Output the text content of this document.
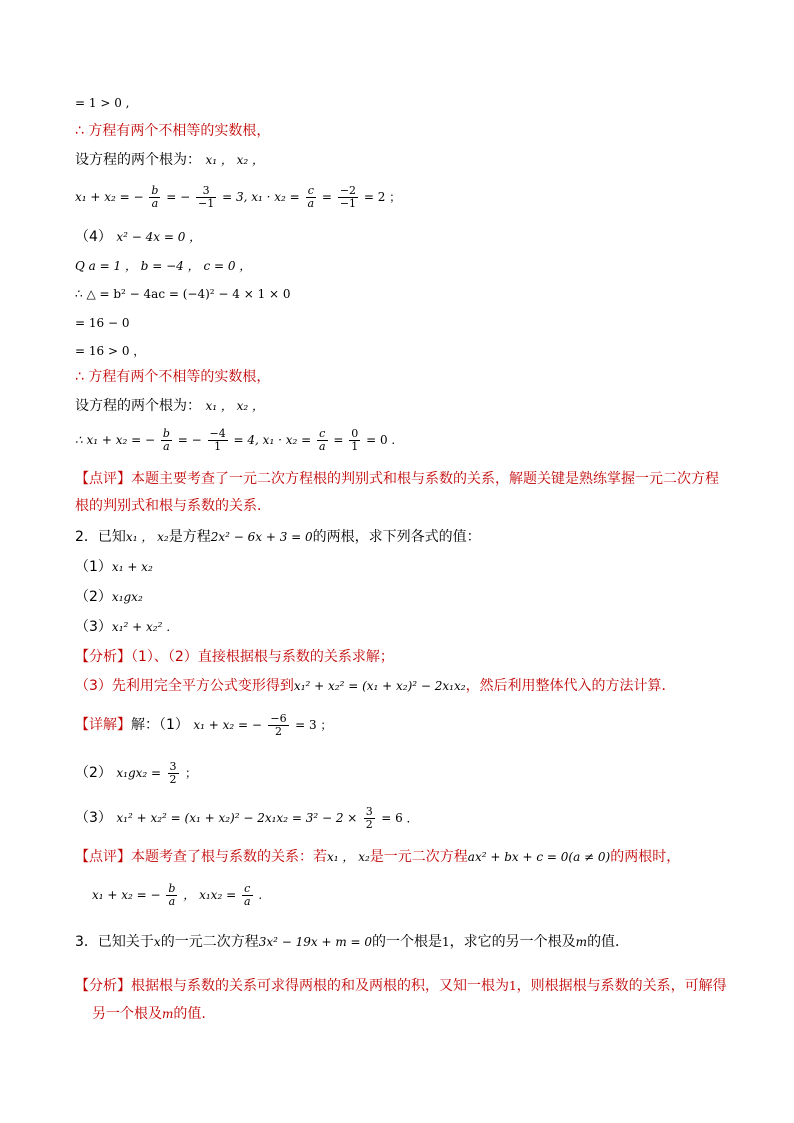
= 1 > 0 ,
∴ 方程有两个不相等的实数根，
设方程的两个根为： x₁ ， x₂ ，
x₁ + x₂ = − $\frac{b}{a}$ = − $\frac{3}{-1} = 3$, $x_1 \cdot x_2 = \frac{c}{a} = \frac{-2}{-1} = 2$ ；
（4） x² − 4x = 0 ，
Q a = 1 ， b = −4 ， c = 0 ，
∴ △ = b² − 4ac = (−4)² − 4 × 1 × 0
= 16 − 0
= 16 > 0 ，
∴ 方程有两个不相等的实数根，
设方程的两个根为： x₁ ， x₂ ，
∴ x₁ + x₂ = − $\frac{b}{a}$ = − $\frac{-4}{1} = 4$, $x_1 \cdot x_2 = \frac{c}{a} = \frac{0}{1} = 0$ .
【点评】本题主要考查了一元二次方程根的判别式和根与系数的关系，解题关键是熟练掌握一元二次方程
根的判别式和根与系数的关系．
2．已知x₁ ， x₂是方程2x² − 6x + 3 = 0的两根，求下列各式的值：
（1）x₁ + x₂
（2）x₁gx₂
（3）x₁² + x₂² ．
【分析】（1）、（2）直接根据根与系数的关系求解；
（3）先利用完全平方公式变形得到x₁² + x₂² = (x₁ + x₂)² − 2x₁x₂，然后利用整体代入的方法计算．
【详解】解：（1） x₁ + x₂ = − $\frac{-6}{2} = 3$ ；
（2） $x_1gx_2 = \frac{3}{2}$ ；
（3） $x_1^2 + x_2^2 = (x_1 + x_2)^2 - 2x_1x_2 = 3^2 - 2 \times \frac{3}{2} = 6$ ．
【点评】本题考查了根与系数的关系：若x₁ ， x₂是一元二次方程ax² + bx + c = 0(a ≠ 0)的两根时，
x₁ + x₂ = − $\frac{b}{a}$ ， $x_1x_2 = \frac{c}{a}$ .
3．已知关于x的一元二次方程3x² − 19x + m = 0的一个根是1，求它的另一个根及m的值．
【分析】根据根与系数的关系可求得两根的和及两根的积，又知一根为1，则根据根与系数的关系，可解得
另一个根及m的值.
